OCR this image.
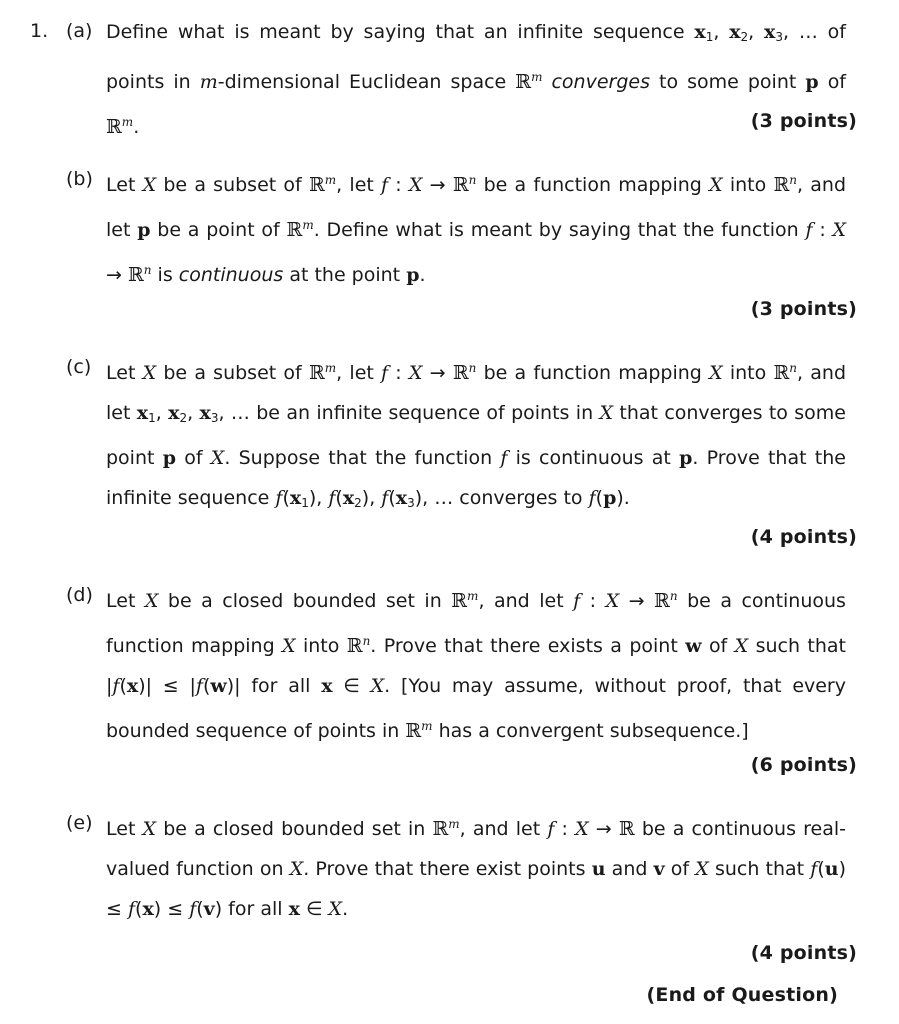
1. (a) Define what is meant by saying that an infinite sequence $x_1$, $x_2$, $x_3$, … of points in m-dimensional Euclidean space ℝ$^m$ converges to some point p of ℝ$^m$.	(3 points)
(b) Let X be a subset of ℝ$^m$, let f : X → ℝ$^n$ be a function mapping X into ℝ$^n$, and let p be a point of ℝ$^m$. Define what is meant by saying that the function f : X → ℝ$^n$ is continuous at the point p.
(3 points)
(c) Let X be a subset of ℝ$^m$, let f : X → ℝ$^n$ be a function mapping X into ℝ$^n$, and let $x_1$, $x_2$, $x_3$, … be an infinite sequence of points in X that converges to some point p of X. Suppose that the function f is continuous at p. Prove that the infinite sequence $f(x_1)$, $f(x_2)$, $f(x_3)$, … converges to f(p).
(4 points)
(d) Let X be a closed bounded set in ℝ$^m$, and let f : X → ℝ$^n$ be a continuous function mapping X into ℝ$^n$. Prove that there exists a point w of X such that |f(x)| ≤ |f(w)| for all x ∈ X. [You may assume, without proof, that every bounded sequence of points in ℝ$^m$ has a convergent subsequence.]
(6 points)
(e) Let X be a closed bounded set in ℝ$^m$, and let f : X → ℝ be a continuous real-valued function on X. Prove that there exist points u and v of X such that f(u) ≤ f(x) ≤ f(v) for all x ∈ X.
(4 points)
(End of Question)
